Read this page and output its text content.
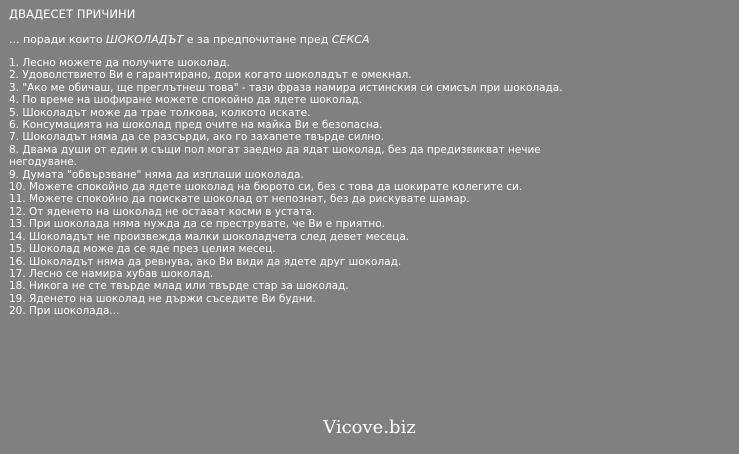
ДВАДЕСЕТ ПРИЧИНИ
... поради които ШОКОЛАДЪТ е за предпочитане пред СЕКСА
1. Лесно можете да получите шоколад.
2. Удоволствието Ви е гарантирано, дори когато шоколадът е омекнал.
3. "Ако ме обичаш, ще преглътнеш това" - тази фраза намира истинския си смисъл при шоколада.
4. По време на шофиране можете спокойно да ядете шоколад.
5. Шоколадът може да трае толкова, колкото искате.
6. Консумацията на шоколад пред очите на майка Ви е безопасна.
7. Шоколадът няма да се разсърди, ако го захапете твърде силно.
8. Двама души от един и същи пол могат заедно да ядат шоколад, без да предизвикват нечие негодуване.
9. Думата "обвързване" няма да изплаши шоколада.
10. Можете спокойно да ядете шоколад на бюрото си, без с това да шокирате колегите си.
11. Можете спокойно да поискате шоколад от непознат, без да рискувате шамар.
12. От яденето на шоколад не остават косми в устата.
13. При шоколада няма нужда да се преструвате, че Ви е приятно.
14. Шоколадът не произвежда малки шоколадчета след девет месеца.
15. Шоколад може да се яде през целия месец.
16. Шоколадът няма да ревнува, ако Ви види да ядете друг шоколад.
17. Лесно се намира хубав шоколад.
18. Никога не сте твърде млад или твърде стар за шоколад.
19. Яденето на шоколад не държи съседите Ви будни.
20. При шоколада...
Vicove.biz
